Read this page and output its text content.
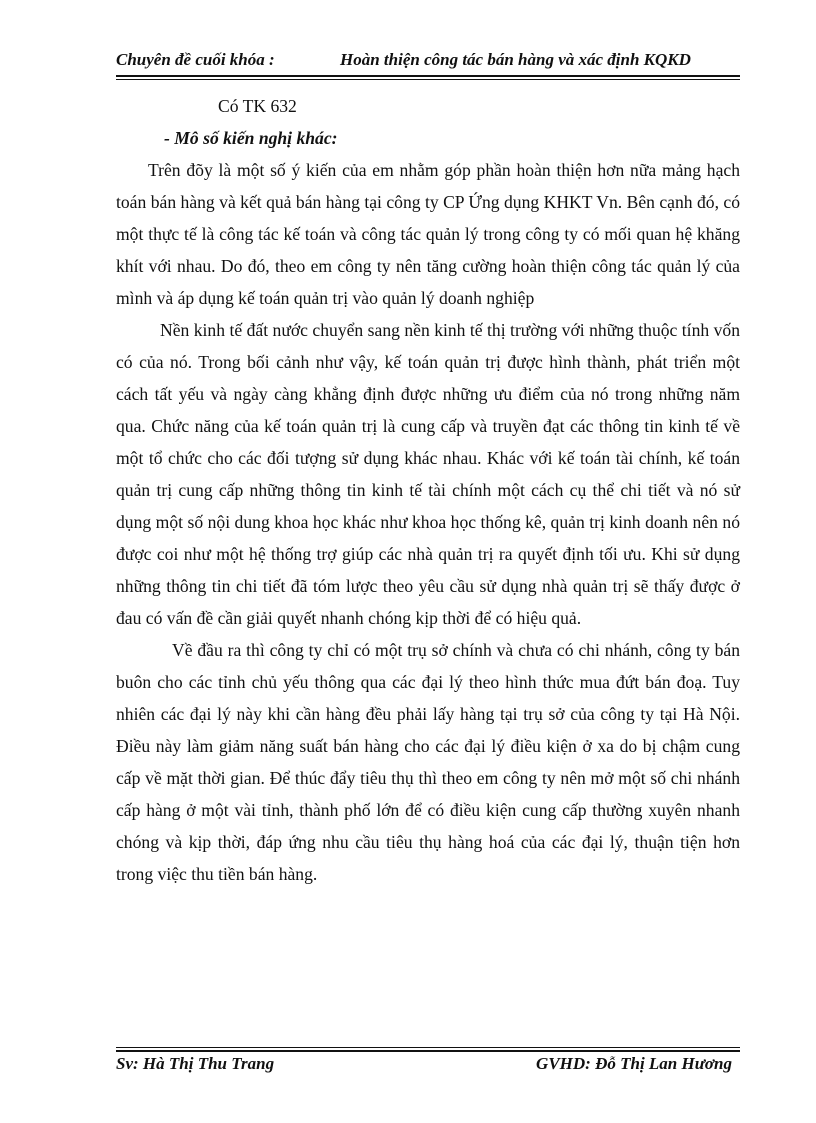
Chuyên đề cuối khóa :	Hoàn thiện công tác bán hàng và xác định KQKD

Có TK 632

- Mô số kiến nghị khác:

Trên đõy là một số ý kiến của em nhằm góp phần hoàn thiện hơn nữa mảng hạch toán bán hàng và kết quả bán hàng tại công ty CP Ứng dụng KHKT Vn. Bên cạnh đó, có một thực tế là công tác kế toán và công tác quản lý trong công ty có mối quan hệ khăng khít với nhau. Do đó, theo em công ty nên tăng cường hoàn thiện công tác quản lý của mình và áp dụng kế toán quản trị vào quản lý doanh nghiệp

Nền kinh tế đất nước chuyển sang nền kinh tế thị trường với những thuộc tính vốn có của nó. Trong bối cảnh như vậy, kế toán quản trị được hình thành, phát triển một cách tất yếu và ngày càng khẳng định được những ưu điểm của nó trong những năm qua. Chức năng của kế toán quản trị là cung cấp và truyền đạt các thông tin kinh tế về một tổ chức cho các đối tượng sử dụng khác nhau. Khác với kế toán tài chính, kế toán quản trị cung cấp những thông tin kinh tế tài chính một cách cụ thể chi tiết và nó sử dụng một số nội dung khoa học khác như khoa học thống kê, quản trị kinh doanh nên nó được coi như một hệ thống trợ giúp các nhà quản trị ra quyết định tối ưu. Khi sử dụng những thông tin chi tiết đã tóm lược theo yêu cầu sử dụng nhà quản trị sẽ thấy được ở đau có vấn đề cần giải quyết nhanh chóng kịp thời để có hiệu quả.

Về đầu ra thì công ty chỉ có một trụ sở chính và chưa có chi nhánh, công ty bán buôn cho các tỉnh chủ yếu thông qua các đại lý theo hình thức mua đứt bán đoạ. Tuy nhiên các đại lý này khi cần hàng đều phải lấy hàng tại trụ sở của công ty tại Hà Nội. Điều này làm giảm năng suất bán hàng cho các đại lý điều kiện ở xa do bị chậm cung cấp về mặt thời gian. Để thúc đẩy tiêu thụ thì theo em công ty nên mở một số chi nhánh cấp hàng ở một vài tỉnh, thành phố lớn để có điều kiện cung cấp thường xuyên nhanh chóng và kịp thời, đáp ứng nhu cầu tiêu thụ hàng hoá của các đại lý, thuận tiện hơn trong việc thu tiền bán hàng.

Sv: Hà Thị Thu Trang	GVHD: Đỗ Thị Lan Hương
